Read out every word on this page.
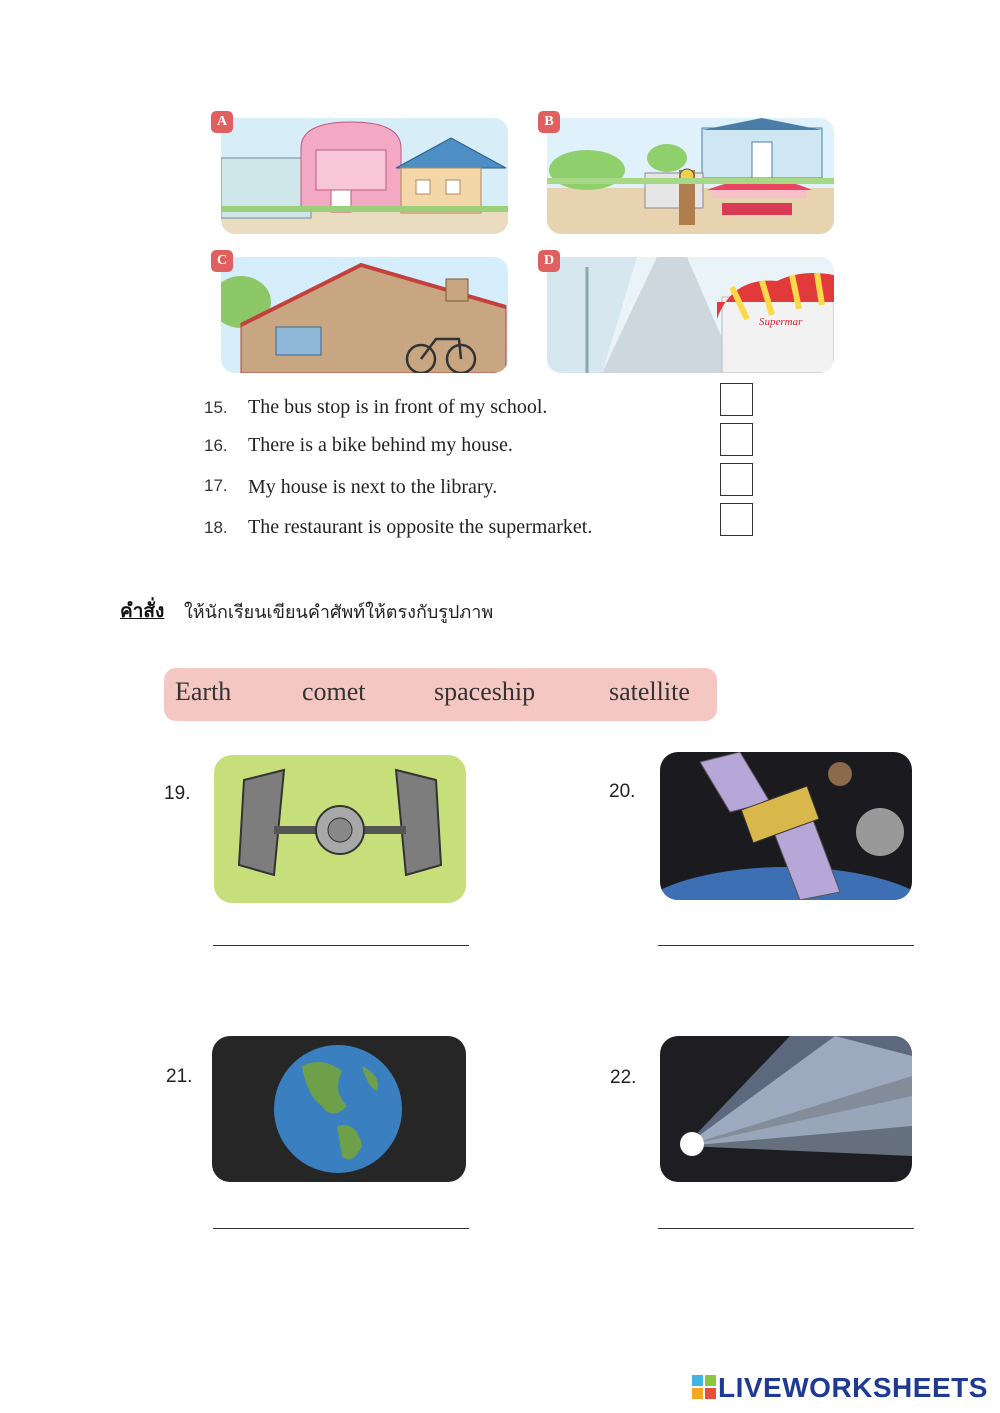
A	B
C
Supermar
D
15. The bus stop is in front of my school.
16. There is a bike behind my house.
17. My house is next to the library.
18. The restaurant is opposite the supermarket.
คำสั่ง ให้นักเรียนเขียนคำศัพท์ให้ตรงกับรูปภาพ
Earth	comet	spaceship	satellite
19.	20.
21.	22.
LIVEWORKSHEETS
